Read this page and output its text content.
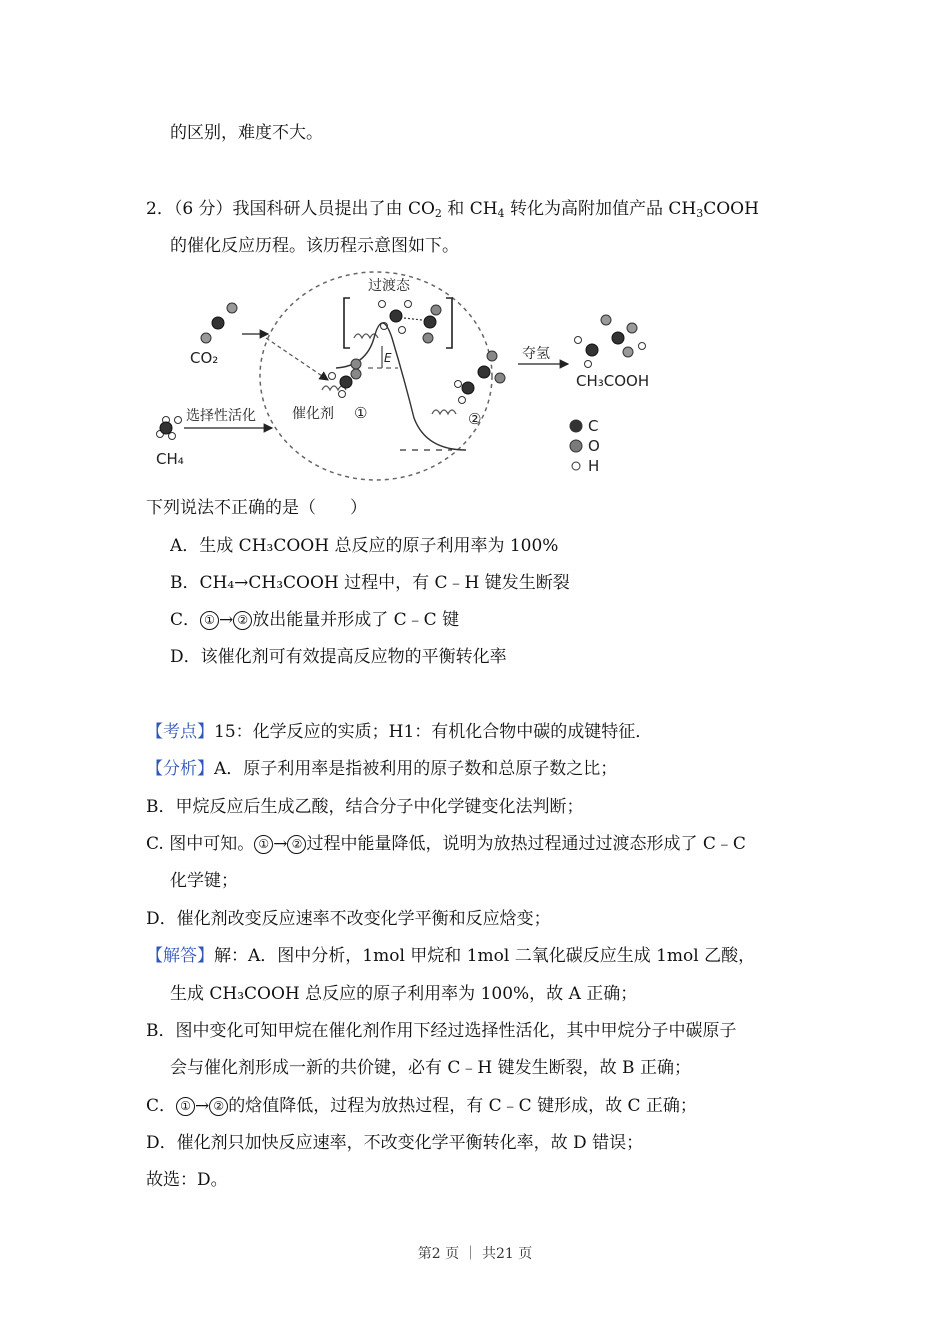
的区别，难度不大。
2．（6 分）我国科研人员提出了由 $CO_2$ 和 $CH_4$ 转化为高附加值产品 $CH_3COOH$
的催化反应历程。该历程示意图如下。
过渡态
E
CO₂
CH₄
选择性活化	催化剂 ①	②
夺氢
CH₃COOH
C
O
H
下列说法不正确的是（　　）
A．生成 CH₃COOH 总反应的原子利用率为 100%
B．CH₄→CH₃COOH 过程中，有 C﹣H 键发生断裂
C． ① → ② 放出能量并形成了 C﹣C 键
D．该催化剂可有效提高反应物的平衡转化率
【考点】15：化学反应的实质；H1：有机化合物中碳的成键特征．
【分析】A．原子利用率是指被利用的原子数和总原子数之比；
B．甲烷反应后生成乙酸，结合分子中化学键变化法判断；
C. 图中可知。 ① → ② 过程中能量降低，说明为放热过程通过过渡态形成了 C﹣C
化学键；
D．催化剂改变反应速率不改变化学平衡和反应焓变；
【解答】解：A．图中分析，1mol 甲烷和 1mol 二氧化碳反应生成 1mol 乙酸，
生成 CH₃COOH 总反应的原子利用率为 100%，故 A 正确；
B．图中变化可知甲烷在催化剂作用下经过选择性活化，其中甲烷分子中碳原子
会与催化剂形成一新的共价键，必有 C﹣H 键发生断裂，故 B 正确；
C． ① → ② 的焓值降低，过程为放热过程，有 C﹣C 键形成，故 C 正确；
D．催化剂只加快反应速率，不改变化学平衡转化率，故 D 错误；
故选：D。
第2 页 ｜ 共21 页
